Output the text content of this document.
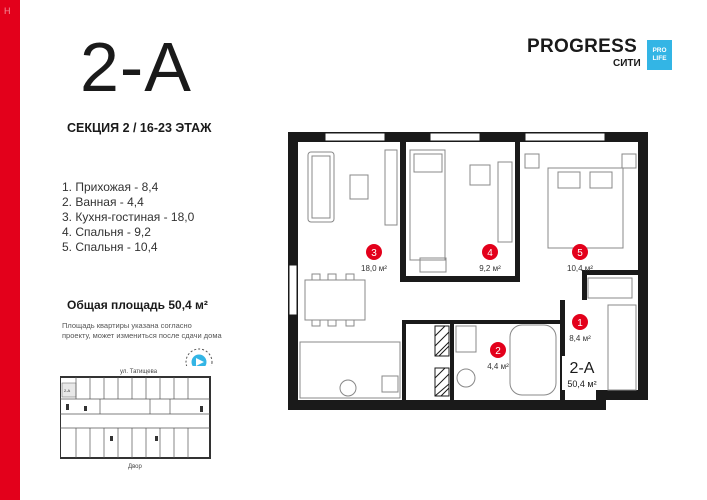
Н
2-А
СЕКЦИЯ 2 / 16-23 ЭТАЖ
1. Прихожая - 8,4
2. Ванная - 4,4
3. Кухня-гостиная - 18,0
4. Спальня - 9,2
5. Спальня - 10,4
Общая площадь 50,4 м²
Площадь квартиры указана согласно
проекту, может измениться после сдачи дома
PROGRESS
СИТИ
PRO
LIFE
ул. Татищева
2-А
Двор
3
18,0 м²
4
9,2 м²
5
10,4 м²
1
8,4 м²
2
4,4 м²	2-А
50,4 м²
